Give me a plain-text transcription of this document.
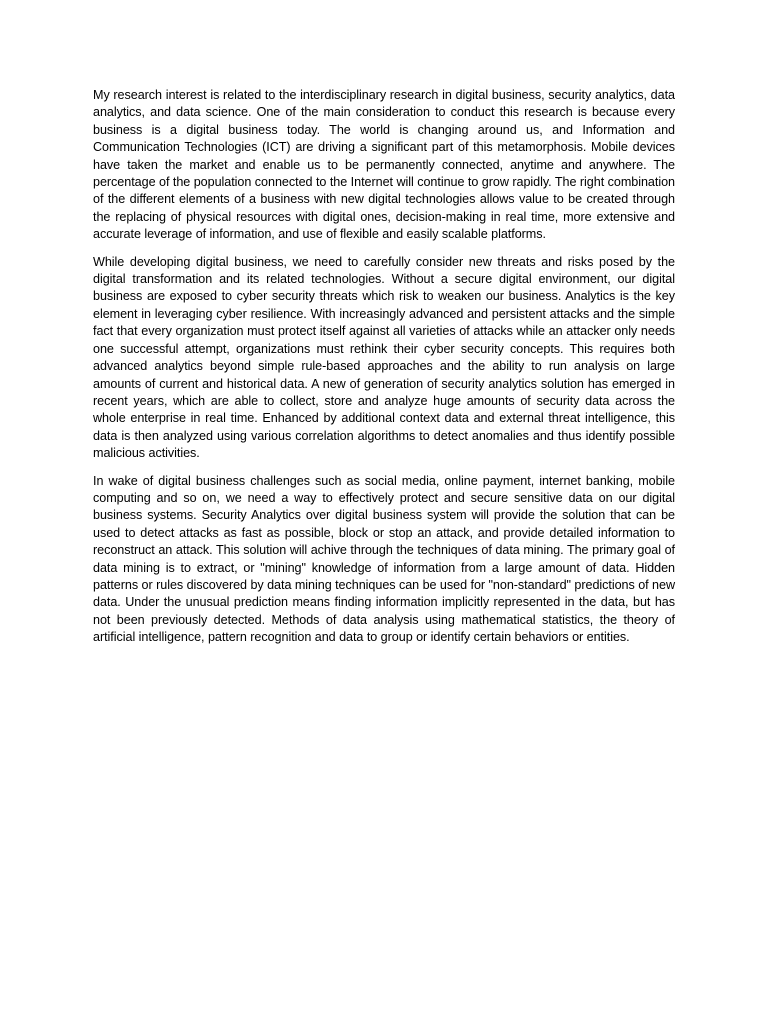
My research interest is related to the interdisciplinary research in digital business, security analytics, data analytics, and data science. One of the main consideration to conduct this research is because every business is a digital business today. The world is changing around us, and Information and Communication Technologies (ICT) are driving a significant part of this metamorphosis. Mobile devices have taken the market and enable us to be permanently connected, anytime and anywhere. The percentage of the population connected to the Internet will continue to grow rapidly. The right combination of the different elements of a business with new digital technologies allows value to be created through the replacing of physical resources with digital ones, decision-making in real time, more extensive and accurate leverage of information, and use of flexible and easily scalable platforms.

While developing digital business, we need to carefully consider new threats and risks posed by the digital transformation and its related technologies. Without a secure digital environment, our digital business are exposed to cyber security threats which risk to weaken our business. Analytics is the key element in leveraging cyber resilience. With increasingly advanced and persistent attacks and the simple fact that every organization must protect itself against all varieties of attacks while an attacker only needs one successful attempt, organizations must rethink their cyber security concepts. This requires both advanced analytics beyond simple rule-based approaches and the ability to run analysis on large amounts of current and historical data. A new of generation of security analytics solution has emerged in recent years, which are able to collect, store and analyze huge amounts of security data across the whole enterprise in real time. Enhanced by additional context data and external threat intelligence, this data is then analyzed using various correlation algorithms to detect anomalies and thus identify possible malicious activities.

In wake of digital business challenges such as social media, online payment, internet banking, mobile computing and so on, we need a way to effectively protect and secure sensitive data on our digital business systems. Security Analytics over digital business system will provide the solution that can be used to detect attacks as fast as possible, block or stop an attack, and provide detailed information to reconstruct an attack. This solution will achive through the techniques of data mining. The primary goal of data mining is to extract, or "mining" knowledge of information from a large amount of data. Hidden patterns or rules discovered by data mining techniques can be used for "non-standard" predictions of new data. Under the unusual prediction means finding information implicitly represented in the data, but has not been previously detected. Methods of data analysis using mathematical statistics, the theory of artificial intelligence, pattern recognition and data to group or identify certain behaviors or entities.
